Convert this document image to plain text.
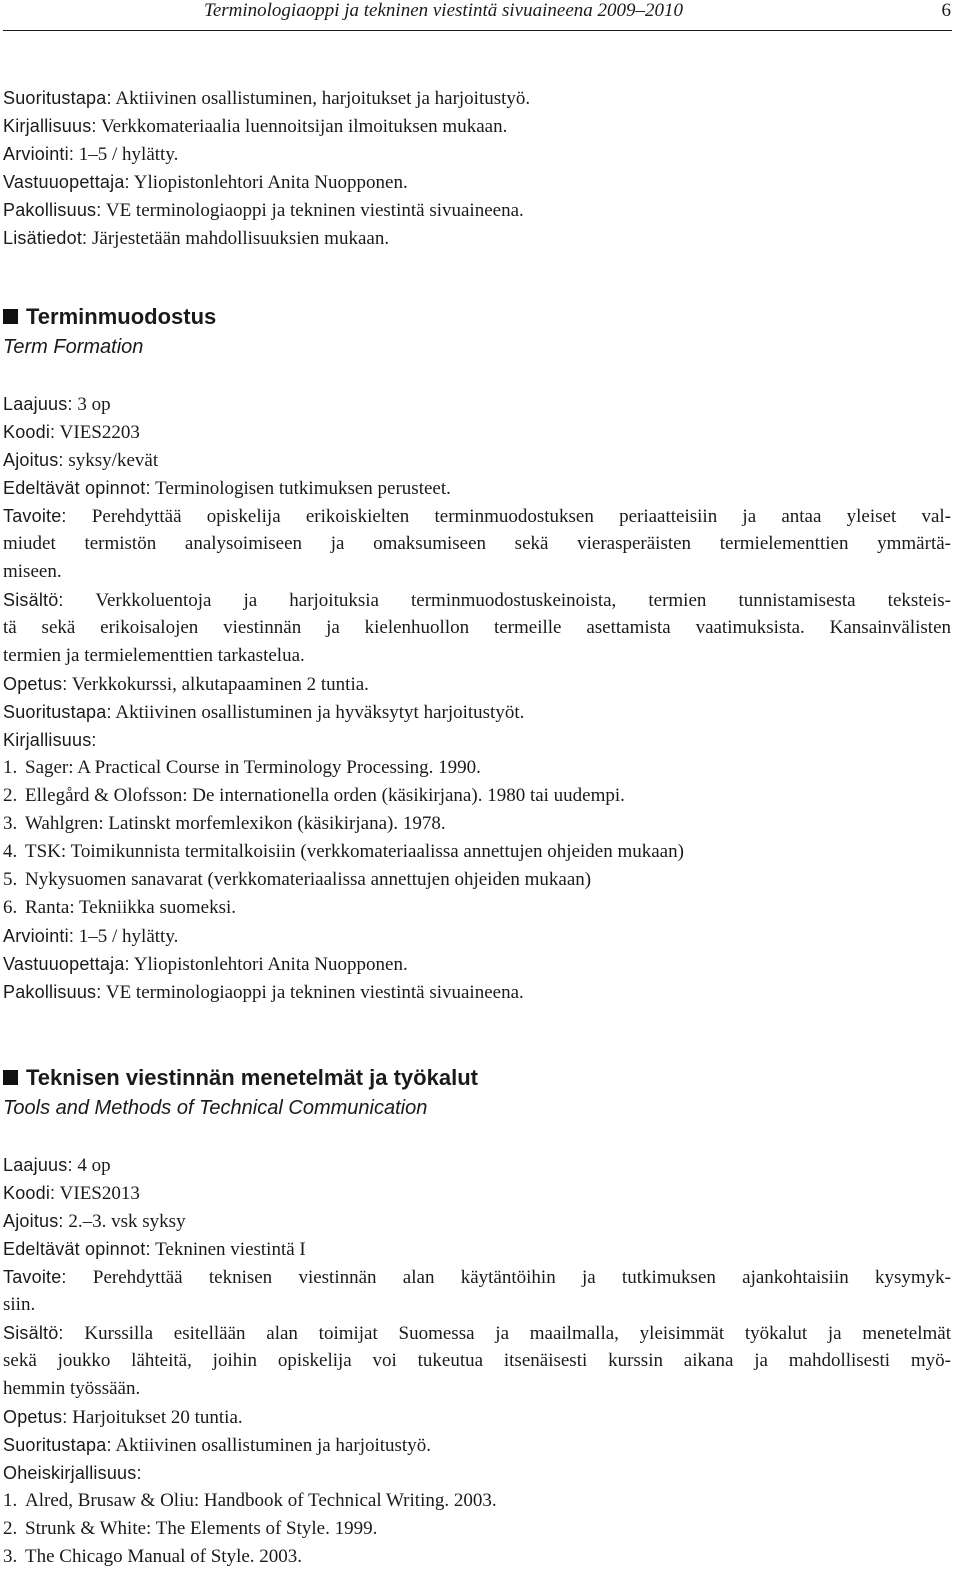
Terminologiaoppi ja tekninen viestintä sivuaineena 2009–2010	6
Suoritustapa: Aktiivinen osallistuminen, harjoitukset ja harjoitustyö.
Kirjallisuus: Verkkomateriaalia luennoitsijan ilmoituksen mukaan.
Arviointi: 1–5 / hylätty.
Vastuuopettaja: Yliopistonlehtori Anita Nuopponen.
Pakollisuus: VE terminologiaoppi ja tekninen viestintä sivuaineena.
Lisätiedot: Järjestetään mahdollisuuksien mukaan.
Terminmuodostus
Term Formation
Laajuus: 3 op
Koodi: VIES2203
Ajoitus: syksy/kevät
Edeltävät opinnot: Terminologisen tutkimuksen perusteet.
Tavoite: Perehdyttää opiskelija erikoiskielten terminmuodostuksen periaatteisiin ja antaa yleiset val-
miudet termistön analysoimiseen ja omaksumiseen sekä vierasperäisten termielementtien ymmärtä-
miseen.
Sisältö: Verkkoluentoja ja harjoituksia terminmuodostuskeinoista, termien tunnistamisesta teksteis-
tä sekä erikoisalojen viestinnän ja kielenhuollon termeille asettamista vaatimuksista. Kansainvälisten
termien ja termielementtien tarkastelua.
Opetus: Verkkokurssi, alkutapaaminen 2 tuntia.
Suoritustapa: Aktiivinen osallistuminen ja hyväksytyt harjoitustyöt.
Kirjallisuus:
1. Sager: A Practical Course in Terminology Processing. 1990.
2. Ellegård & Olofsson: De internationella orden (käsikirjana). 1980 tai uudempi.
3. Wahlgren: Latinskt morfemlexikon (käsikirjana). 1978.
4. TSK: Toimikunnista termitalkoisiin (verkkomateriaalissa annettujen ohjeiden mukaan)
5. Nykysuomen sanavarat (verkkomateriaalissa annettujen ohjeiden mukaan)
6. Ranta: Tekniikka suomeksi.
Arviointi: 1–5 / hylätty.
Vastuuopettaja: Yliopistonlehtori Anita Nuopponen.
Pakollisuus: VE terminologiaoppi ja tekninen viestintä sivuaineena.
Teknisen viestinnän menetelmät ja työkalut
Tools and Methods of Technical Communication
Laajuus: 4 op
Koodi: VIES2013
Ajoitus: 2.–3. vsk syksy
Edeltävät opinnot: Tekninen viestintä I
Tavoite: Perehdyttää teknisen viestinnän alan käytäntöihin ja tutkimuksen ajankohtaisiin kysymyk-
siin.
Sisältö: Kurssilla esitellään alan toimijat Suomessa ja maailmalla, yleisimmät työkalut ja menetelmät
sekä joukko lähteitä, joihin opiskelija voi tukeutua itsenäisesti kurssin aikana ja mahdollisesti myö-
hemmin työssään.
Opetus: Harjoitukset 20 tuntia.
Suoritustapa: Aktiivinen osallistuminen ja harjoitustyö.
Oheiskirjallisuus:
1. Alred, Brusaw & Oliu: Handbook of Technical Writing. 2003.
2. Strunk & White: The Elements of Style. 1999.
3. The Chicago Manual of Style. 2003.
